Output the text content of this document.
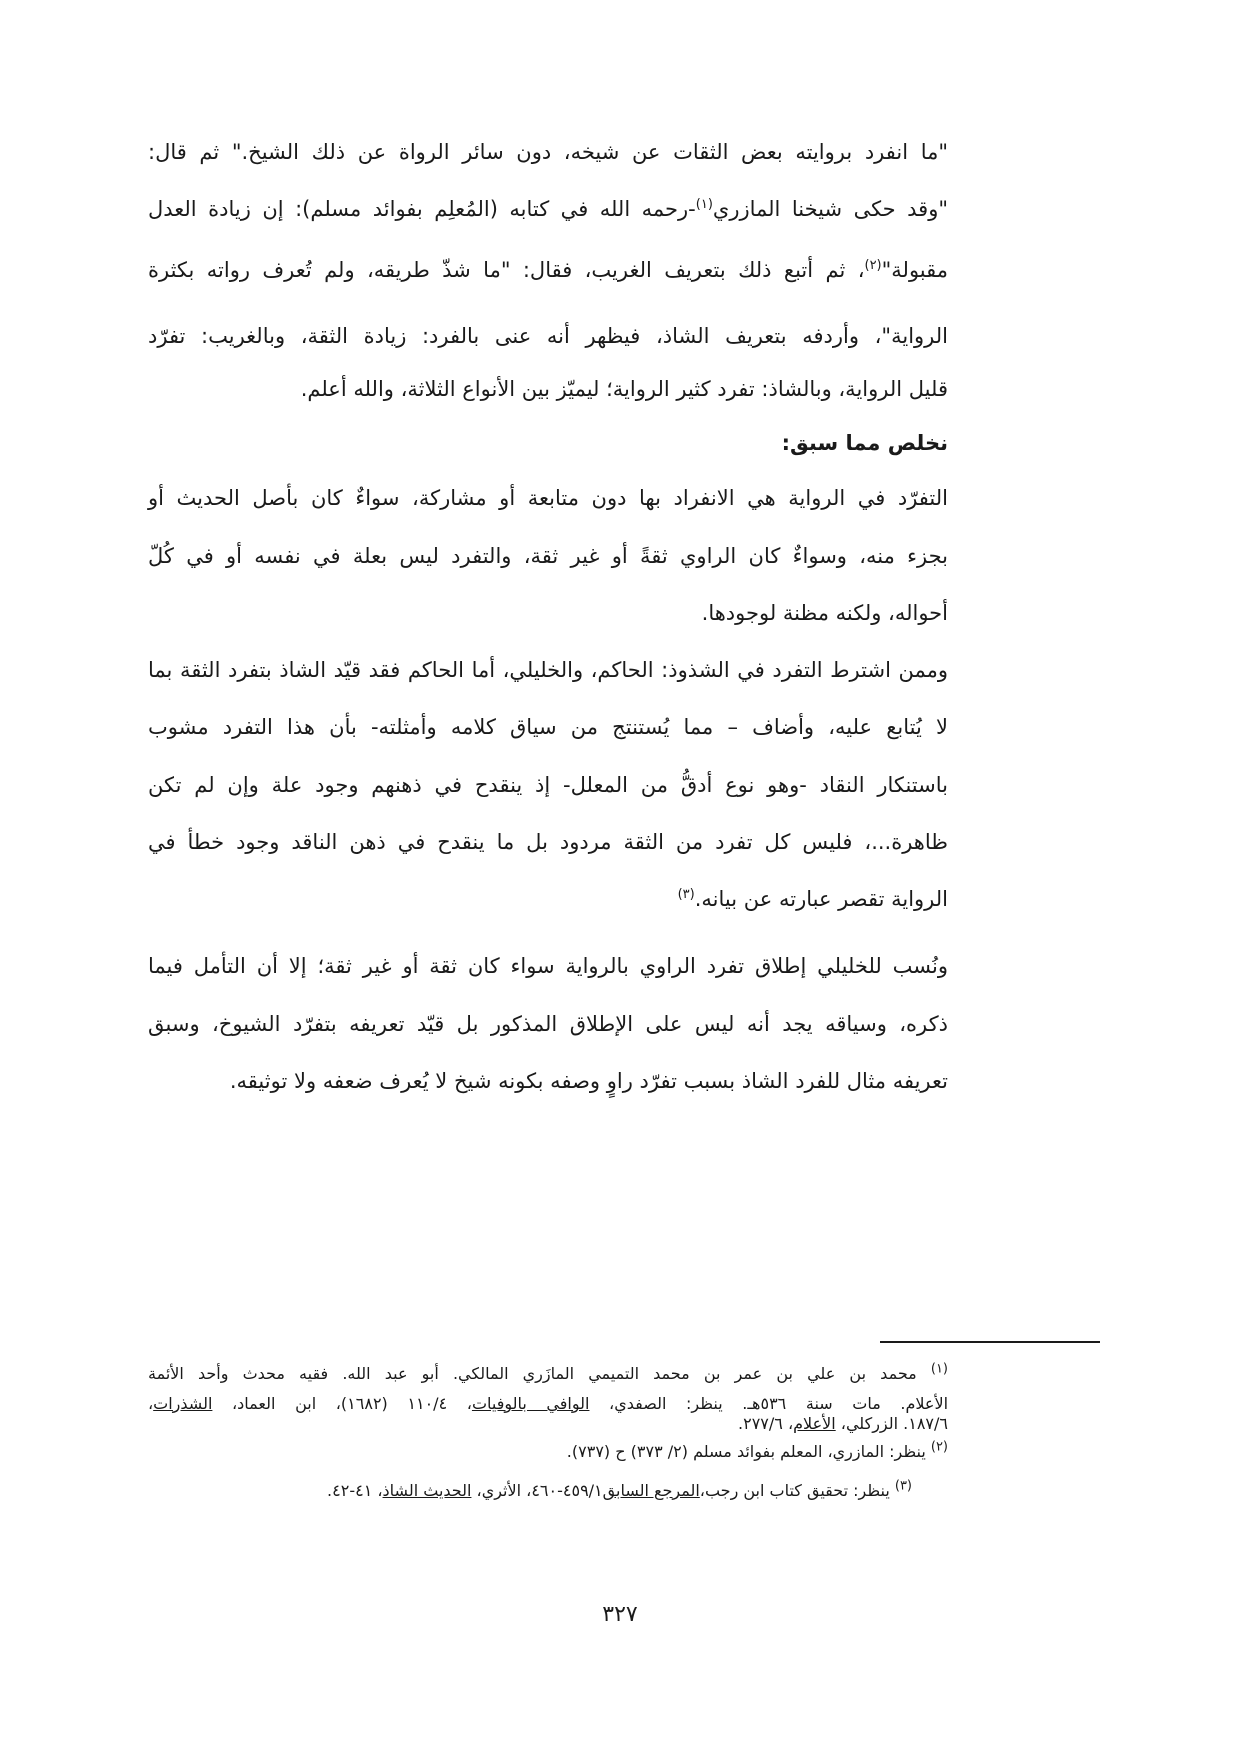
"ما انفرد بروايته بعض الثقات عن شيخه، دون سائر الرواة عن ذلك الشيخ." ثم قال:
"وقد حكى شيخنا المازري$^{(١)}$-رحمه الله في كتابه (المُعلِم بفوائد مسلم): إن زيادة العدل
مقبولة"$^{(٢)}$، ثم أتبع ذلك بتعريف الغريب، فقال: "ما شذّ طريقه، ولم تُعرف رواته بكثرة
الرواية"، وأردفه بتعريف الشاذ، فيظهر أنه عنى بالفرد: زيادة الثقة، وبالغريب: تفرّد
قليل الرواية، وبالشاذ: تفرد كثير الرواية؛ ليميّز بين الأنواع الثلاثة، والله أعلم.
نخلص مما سبق:
التفرّد في الرواية هي الانفراد بها دون متابعة أو مشاركة، سواءٌ كان بأصل الحديث أو
بجزء منه، وسواءٌ كان الراوي ثقةً أو غير ثقة، والتفرد ليس بعلة في نفسه أو في كُلّ
أحواله، ولكنه مظنة لوجودها.
وممن اشترط التفرد في الشذوذ: الحاكم، والخليلي، أما الحاكم فقد قيّد الشاذ بتفرد الثقة بما
لا يُتابع عليه، وأضاف – مما يُستنتج من سياق كلامه وأمثلته- بأن هذا التفرد مشوب
باستنكار النقاد -وهو نوع أدقُّ من المعلل- إذ ينقدح في ذهنهم وجود علة وإن لم تكن
ظاهرة...، فليس كل تفرد من الثقة مردود بل ما ينقدح في ذهن الناقد وجود خطأ في
الرواية تقصر عبارته عن بيانه.$^{(٣)}$
ونُسب للخليلي إطلاق تفرد الراوي بالرواية سواء كان ثقة أو غير ثقة؛ إلا أن التأمل فيما
ذكره، وسياقه يجد أنه ليس على الإطلاق المذكور بل قيّد تعريفه بتفرّد الشيوخ، وسبق
تعريفه مثال للفرد الشاذ بسبب تفرّد راوٍ وصفه بكونه شيخ لا يُعرف ضعفه ولا توثيقه.
$^{(١)}$ محمد بن علي بن عمر بن محمد التميمي المازَري المالكي. أبو عبد الله. فقيه محدث وأحد الأئمة
الأعلام. مات سنة ٥٣٦هـ. ينظر: الصفدي، الوافي بالوفيات، ١١٠/٤ (١٦٨٢)، ابن العماد، الشذرات،
١٨٧/٦. الزركلي، الأعلام، ٢٧٧/٦.
$^{(٢)}$ ينظر: المازري، المعلم بفوائد مسلم (٢/ ٣٧٣) ح (٧٣٧).
$^{(٣)}$ ينظر: تحقيق كتاب ابن رجب،المرجع السابق٤٥٩/١-٤٦٠، الأثري، الحديث الشاذ، ٤١-٤٢.
٣٢٧
